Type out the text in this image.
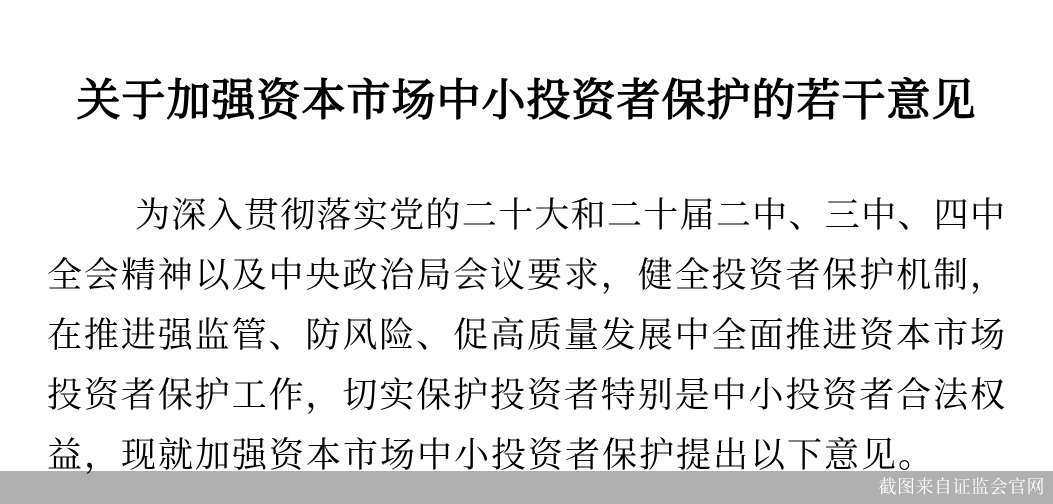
关于加强资本市场中小投资者保护的若干意见
为深入贯彻落实党的二十大和二十届二中、三中、四中
全会精神以及中央政治局会议要求，健全投资者保护机制，
在推进强监管、防风险、促高质量发展中全面推进资本市场
投资者保护工作，切实保护投资者特别是中小投资者合法权
益，现就加强资本市场中小投资者保护提出以下意见。
截图来自证监会官网
